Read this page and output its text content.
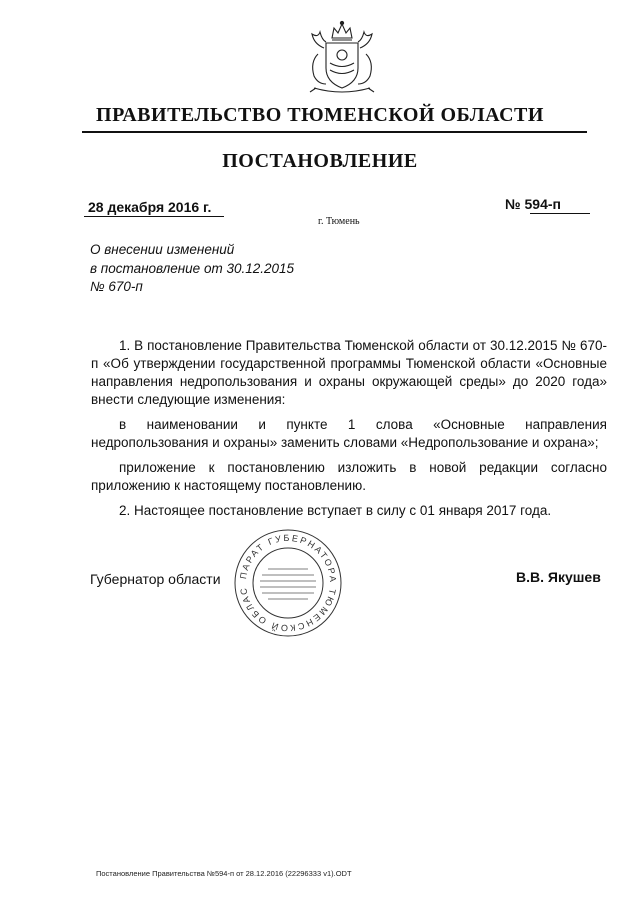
ПРАВИТЕЛЬСТВО ТЮМЕНСКОЙ ОБЛАСТИ
ПОСТАНОВЛЕНИЕ
28 декабря 2016 г.	№ 594-п
г. Тюмень
О внесении изменений
в постановление от 30.12.2015
№ 670-п

1. В постановление Правительства Тюменской области от 30.12.2015 № 670-п «Об утверждении государственной программы Тюменской области «Основные направления недропользования и охраны окружающей среды» до 2020 года» внести следующие изменения:

в наименовании и пункте 1 слова «Основные направления недропользования и охраны» заменить словами «Недропользование и охрана»;

приложение к постановлению изложить в новой редакции согласно приложению к настоящему постановлению.

2. Настоящее постановление вступает в силу с 01 января 2017 года.

ПАРАТ ГУБЕРНАТОРА ТЮМЕНСКОЙ ОБЛАС
Губернатор области	В.В. Якушев
Постановление Правительства №594-п от 28.12.2016 (22296333 v1).ODT
